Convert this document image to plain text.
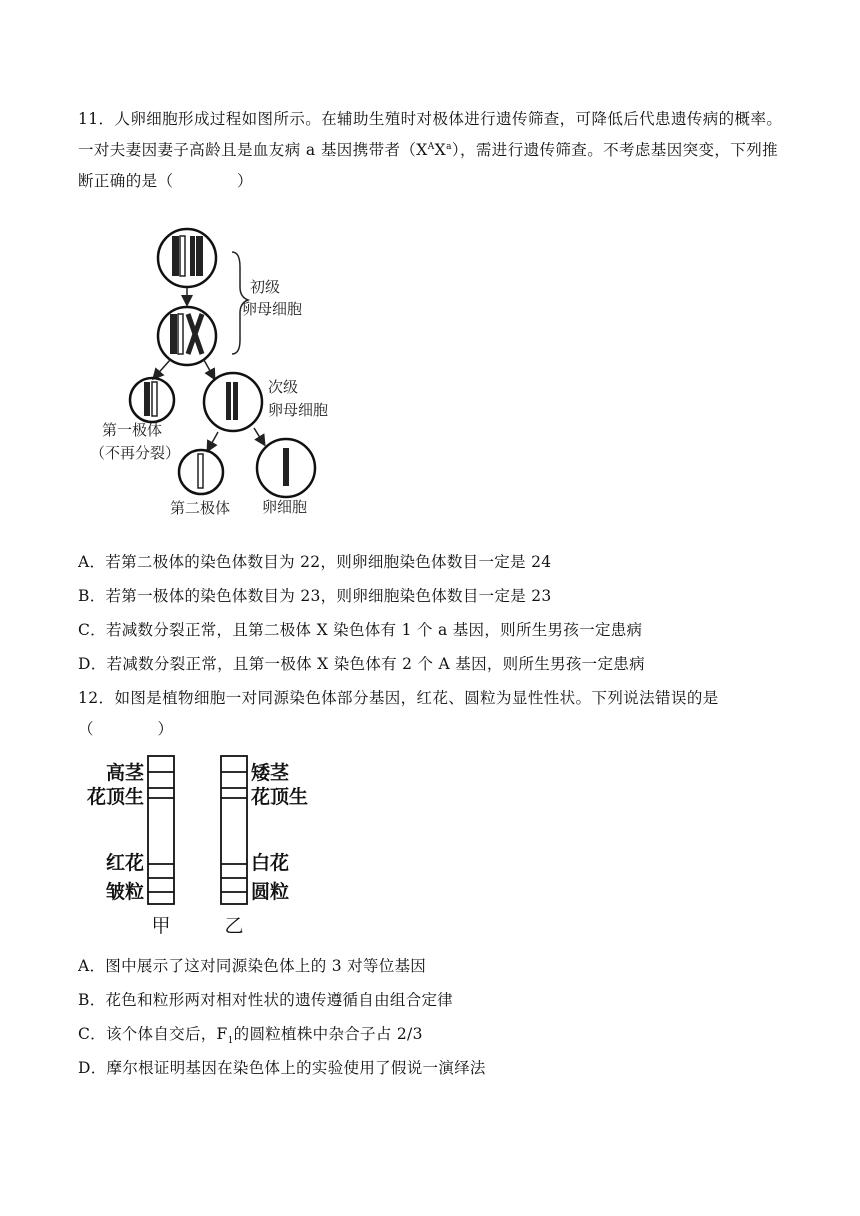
11．人卵细胞形成过程如图所示。在辅助生殖时对极体进行遗传筛查，可降低后代患遗传病的概率。一对夫妻因妻子高龄且是血友病 a 基因携带者$(X^AX^a)$，需进行遗传筛查。不考虑基因突变，下列推断正确的是（　　　　）
初级
卵母细胞
第一极体
（不再分裂）
次级
卵母细胞
第二极体 卵细胞
A．若第二极体的染色体数目为 22，则卵细胞染色体数目一定是 24
B．若第一极体的染色体数目为 23，则卵细胞染色体数目一定是 23
C．若减数分裂正常，且第二极体 X 染色体有 1 个 a 基因，则所生男孩一定患病
D．若减数分裂正常，且第一极体 X 染色体有 2 个 A 基因，则所生男孩一定患病
12．如图是植物细胞一对同源染色体部分基因，红花、圆粒为显性性状。下列说法错误的是（　　　　）
高茎
花顶生
红花
皱粒
矮茎
花顶生
白花
圆粒
甲	乙
A．图中展示了这对同源染色体上的 3 对等位基因
B．花色和粒形两对相对性状的遗传遵循自由组合定律
C．该个体自交后，$F_1$的圆粒植株中杂合子占 2/3
D．摩尔根证明基因在染色体上的实验使用了假说一演绎法
